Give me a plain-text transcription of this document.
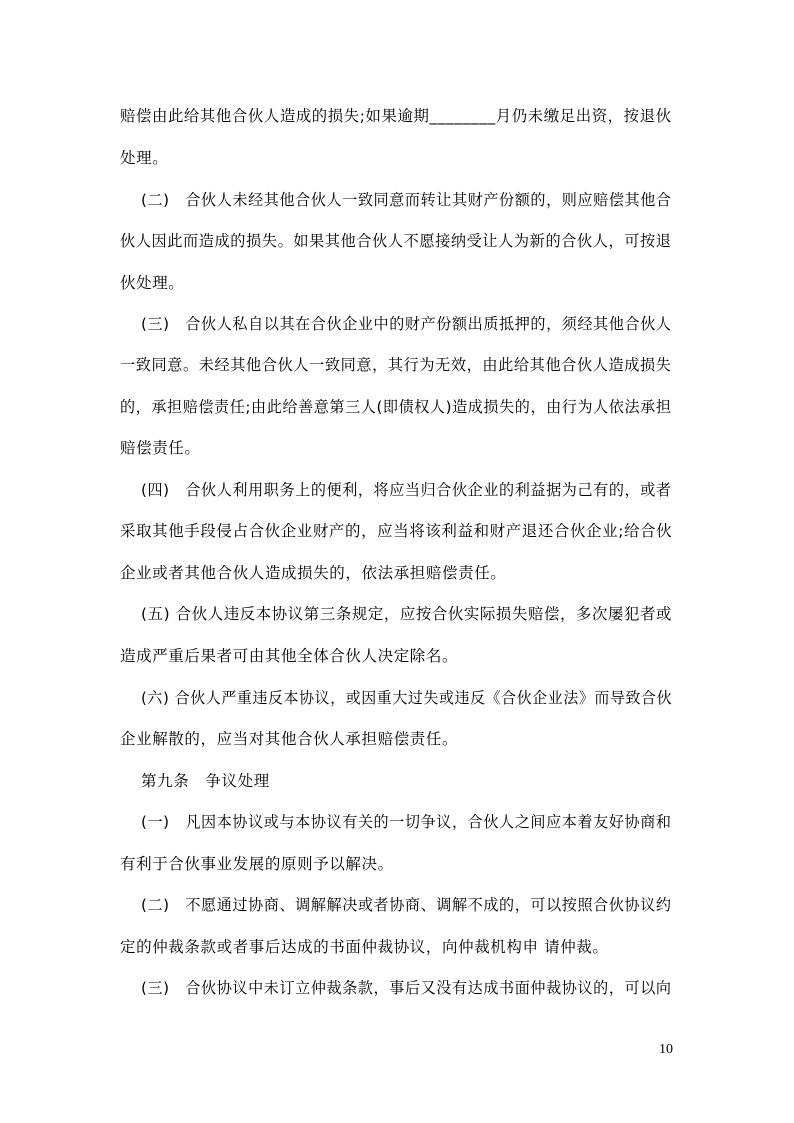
赔偿由此给其他合伙人造成的损失;如果逾期________月仍未缴足出资，按退伙
处理。
(二)　合伙人未经其他合伙人一致同意而转让其财产份额的，则应赔偿其他合
伙人因此而造成的损失。如果其他合伙人不愿接纳受让人为新的合伙人，可按退
伙处理。
(三)　合伙人私自以其在合伙企业中的财产份额出质抵押的，须经其他合伙人
一致同意。未经其他合伙人一致同意，其行为无效，由此给其他合伙人造成损失
的，承担赔偿责任;由此给善意第三人(即债权人)造成损失的，由行为人依法承担
赔偿责任。
(四)　合伙人利用职务上的便利，将应当归合伙企业的利益据为己有的，或者
采取其他手段侵占合伙企业财产的，应当将该利益和财产退还合伙企业;给合伙
企业或者其他合伙人造成损失的，依法承担赔偿责任。
(五) 合伙人违反本协议第三条规定，应按合伙实际损失赔偿，多次屡犯者或
造成严重后果者可由其他全体合伙人决定除名。
(六) 合伙人严重违反本协议，或因重大过失或违反《合伙企业法》而导致合伙
企业解散的，应当对其他合伙人承担赔偿责任。
第九条　争议处理
(一)　凡因本协议或与本协议有关的一切争议，合伙人之间应本着友好协商和
有利于合伙事业发展的原则予以解决。
(二)　不愿通过协商、调解解决或者协商、调解不成的，可以按照合伙协议约
定的仲裁条款或者事后达成的书面仲裁协议，向仲裁机构申 请仲裁。
(三)　合伙协议中未订立仲裁条款，事后又没有达成书面仲裁协议的，可以向
10
